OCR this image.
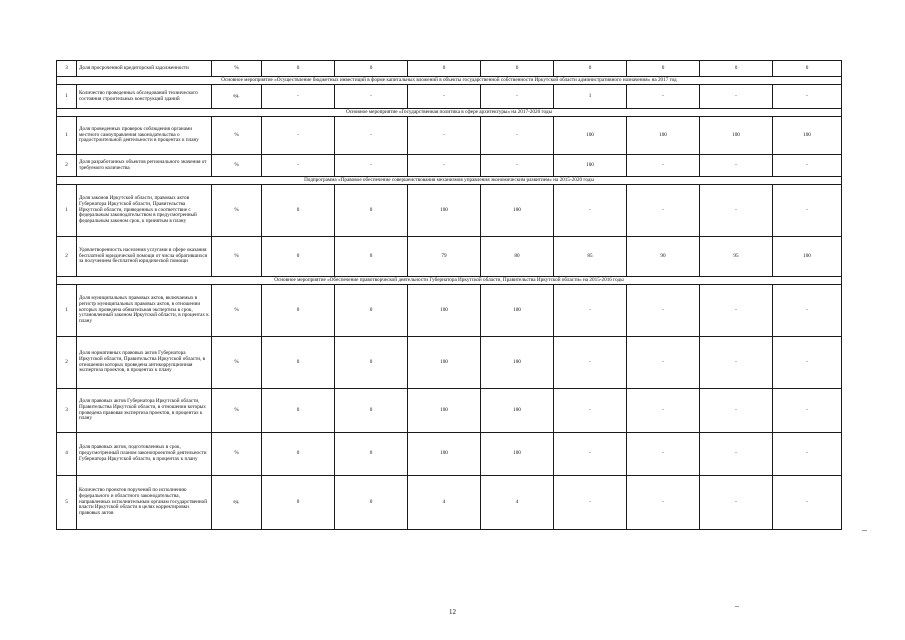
3	Доля просроченной кредиторской задолженности	%	0	0	0	0	0	0	0	0
Основное мероприятие «Осуществление бюджетных инвестиций в форме капитальных вложений в объекты государственной собственности Иркутской области административного назначения» на 2017 год										
1	Количество проведенных обследований технического состояния строительных конструкций зданий	ед.	-	-	-	-	1	-	-	-
Основное мероприятие «Государственная политика в сфере архитектуры» на 2017-2020 годы										
1	Доля проведенных проверок соблюдения органами местного самоуправления законодательства о градостроительной деятельности в процентах к плану	%	-	-	-	-	100	100	100	100
2	Доля разработанных объектов регионального значения от требуемого количества	%	-	-	-	-	100	-	-	-
Подпрограмма «Правовое обеспечение совершенствования механизмов управления экономическим развитием» на 2015-2020 годы										
1	Доля законов Иркутской области, правовых актов Губернатора Иркутской области, Правительства Иркутской области, приведенных в соответствие с федеральным законодательством в предусмотренный федеральным законом срок, к принятым в плану	%	0	0	100	100	-	-	-	-
2	Удовлетворенность населения услугами в сфере оказания бесплатной юридической помощи от числа обратившихся за получением бесплатной юридической помощи	%	0	0	79	80	85	90	95	100
Основное мероприятие «Обеспечение правотворческой деятельности Губернатора Иркутской области, Правительства Иркутской области» на 2015-2016 годы										
1	Доля муниципальных правовых актов, включаемых в регистр муниципальных правовых актов, в отношении которых проведена обязательная экспертиза в срок, установленный законом Иркутской области, в процентах к плану	%	0	0	100	100	-	-	-	-
2	Доля нормативных правовых актов Губернатора Иркутской области, Правительства Иркутской области, в отношении которых проведена антикоррупционная экспертиза проектов, в процентах к плану	%	0	0	100	100	-	-	-	-
3	Доля правовых актов Губернатора Иркутской области, Правительства Иркутской области, в отношении которых проведена правовая экспертиза проектов, в процентах к плану	%	0	0	100	100	-	-	-	-
4	Доля правовых актов, подготовленных в срок, предусмотренный планом законопроектной деятельности Губернатора Иркутской области, в процентах к плану	%	0	0	100	100	-	-	-	-
5	Количество проектов поручений по исполнению федерального и областного законодательства, направленных исполнительным органам государственной власти Иркутской области в целях корректировки правовых актов	ед.	0	0	4	4	-	-	-	-
12
